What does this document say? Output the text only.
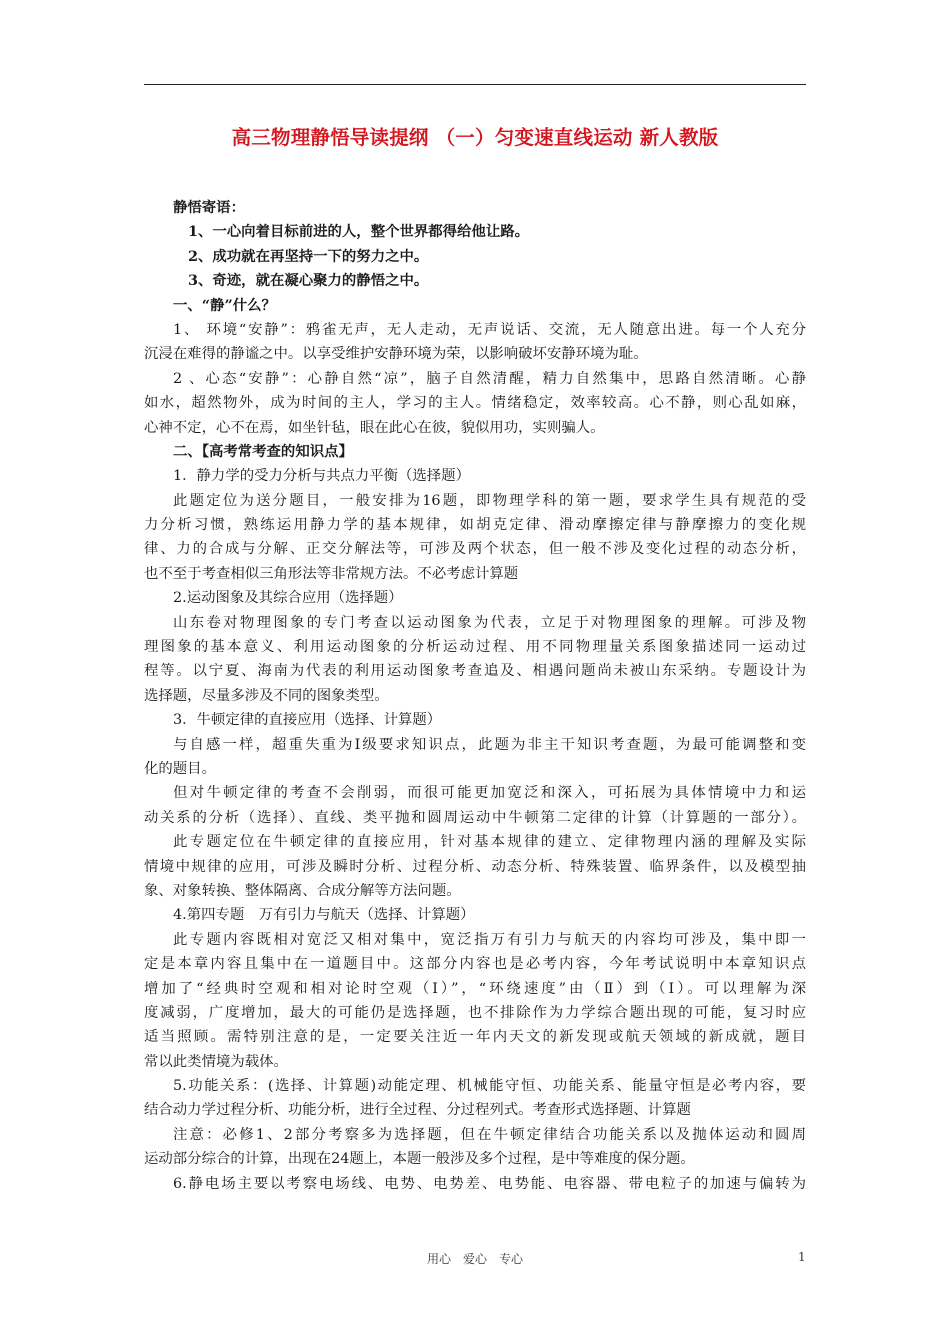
高三物理静悟导读提纲 （一）匀变速直线运动 新人教版
静悟寄语：
1、一心向着目标前进的人，整个世界都得给他让路。
2、成功就在再坚持一下的努力之中。
3、奇迹，就在凝心聚力的静悟之中。
一、“静”什么？
1、 环境“安静”：鸦雀无声，无人走动，无声说话、交流，无人随意出进。每一个人充分
沉浸在难得的静谧之中。以享受维护安静环境为荣，以影响破坏安静环境为耻。
2 、心态“安静”：心静自然“凉”，脑子自然清醒，精力自然集中，思路自然清晰。心静
如水，超然物外，成为时间的主人，学习的主人。情绪稳定，效率较高。心不静，则心乱如麻，
心神不定，心不在焉，如坐针毡，眼在此心在彼，貌似用功，实则骗人。
二、【高考常考查的知识点】
1．静力学的受力分析与共点力平衡（选择题）
此题定位为送分题目，一般安排为16题，即物理学科的第一题，要求学生具有规范的受
力分析习惯，熟练运用静力学的基本规律，如胡克定律、滑动摩擦定律与静摩擦力的变化规
律、力的合成与分解、正交分解法等，可涉及两个状态，但一般不涉及变化过程的动态分析，
也不至于考查相似三角形法等非常规方法。不必考虑计算题
2.运动图象及其综合应用（选择题）
山东卷对物理图象的专门考查以运动图象为代表，立足于对物理图象的理解。可涉及物
理图象的基本意义、利用运动图象的分析运动过程、用不同物理量关系图象描述同一运动过
程等。以宁夏、海南为代表的利用运动图象考查追及、相遇问题尚未被山东采纳。专题设计为
选择题，尽量多涉及不同的图象类型。
3．牛顿定律的直接应用（选择、计算题）
与自感一样，超重失重为Ⅰ级要求知识点，此题为非主干知识考查题，为最可能调整和变
化的题目。
但对牛顿定律的考查不会削弱，而很可能更加宽泛和深入，可拓展为具体情境中力和运
动关系的分析（选择）、直线、类平抛和圆周运动中牛顿第二定律的计算（计算题的一部分）。
此专题定位在牛顿定律的直接应用，针对基本规律的建立、定律物理内涵的理解及实际
情境中规律的应用，可涉及瞬时分析、过程分析、动态分析、特殊装置、临界条件，以及模型抽
象、对象转换、整体隔离、合成分解等方法问题。
4.第四专题　万有引力与航天（选择、计算题）
此专题内容既相对宽泛又相对集中，宽泛指万有引力与航天的内容均可涉及，集中即一
定是本章内容且集中在一道题目中。这部分内容也是必考内容，今年考试说明中本章知识点
增加了“经典时空观和相对论时空观（Ⅰ）”，“环绕速度”由（Ⅱ）到（Ⅰ）。可以理解为深
度减弱，广度增加，最大的可能仍是选择题，也不排除作为力学综合题出现的可能，复习时应
适当照顾。需特别注意的是，一定要关注近一年内天文的新发现或航天领域的新成就，题目
常以此类情境为载体。
5.功能关系：(选择、计算题)动能定理、机械能守恒、功能关系、能量守恒是必考内容，要
结合动力学过程分析、功能分析，进行全过程、分过程列式。考查形式选择题、计算题
注意：必修1、2部分考察多为选择题，但在牛顿定律结合功能关系以及抛体运动和圆周
运动部分综合的计算，出现在24题上，本题一般涉及多个过程，是中等难度的保分题。
6.静电场主要以考察电场线、电势、电势差、电势能、电容器、带电粒子的加速与偏转为
用心　爱心　专心	1
